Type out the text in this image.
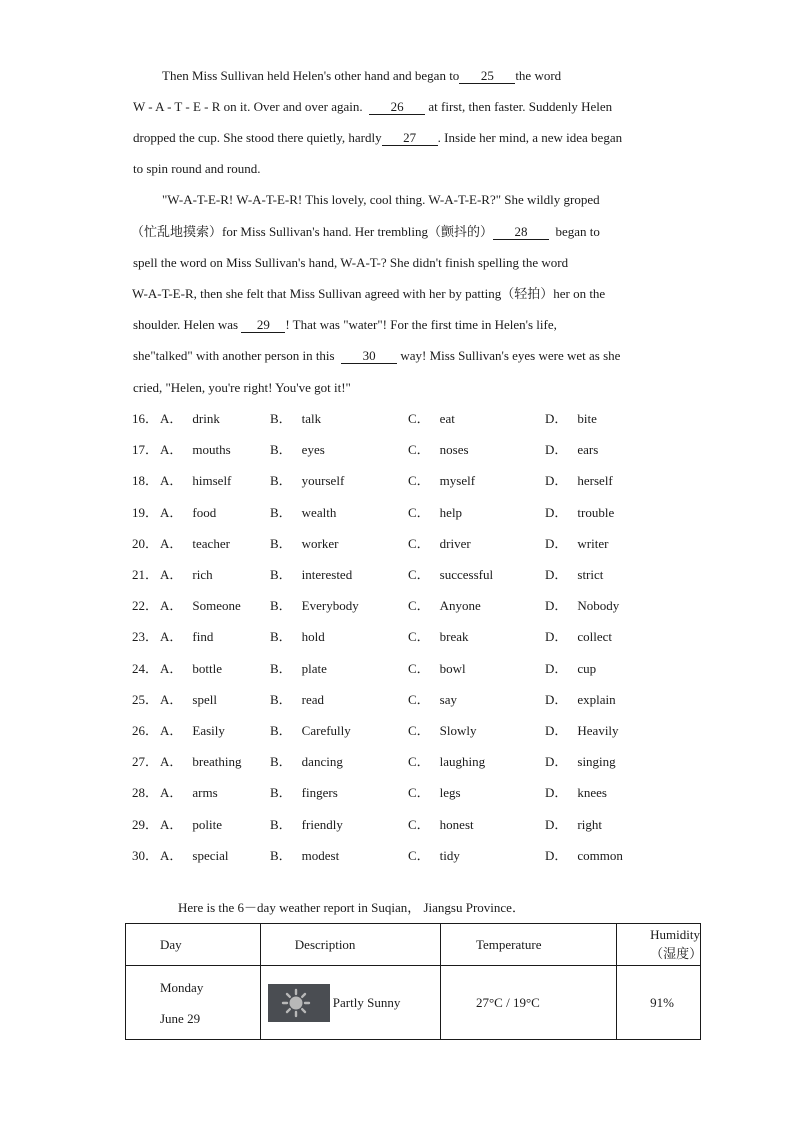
Then Miss Sullivan held Helen's other hand and began to 25 the word
W - A - T - E - R on it. Over and over again. 26 at first, then faster. Suddenly Helen
dropped the cup. She stood there quietly, hardly 27 . Inside her mind, a new idea began
to spin round and round.
"W-A-T-E-R! W-A-T-E-R! This lovely, cool thing. W-A-T-E-R?" She wildly groped
（忙乱地摸索）for Miss Sullivan's hand. Her trembling（颤抖的） 28 began to
spell the word on Miss Sullivan's hand, W-A-T-? She didn't finish spelling the word
W-A-T-E-R, then she felt that Miss Sullivan agreed with her by patting（轻拍）her on the
shoulder. Helen was 29 ! That was "water"! For the first time in Helen's life,
she"talked" with another person in this 30 way! Miss Sullivan's eyes were wet as she
cried, "Helen, you're right! You've got it!"
16． A． drink	B． talk	C． eat	D． bite
17． A． mouths	B． eyes	C． noses	D． ears
18． A． himself	B． yourself	C． myself	D． herself
19． A． food	B． wealth	C． help	D． trouble
20． A． teacher	B． worker	C． driver	D． writer
21． A． rich	B． interested	C． successful	D． strict
22． A． Someone B． Everybody	C． Anyone	D． Nobody
23． A． find	B． hold	C． break	D． collect
24． A． bottle	B． plate	C． bowl	D． cup
25． A． spell	B． read	C． say	D． explain
26． A． Easily	B． Carefully	C． Slowly	D． Heavily
27． A． breathing B． dancing	C． laughing	D． singing
28． A． arms	B． fingers	C． legs	D． knees
29． A． polite	B． friendly	C． honest	D． right
30． A． special	B． modest	C． tidy	D． common
Here is the 6－day weather report in Suqian， Jiangsu Province．
Day	Description	Temperature	Humidity（湿度）

Monday
June 29	Partly Sunny	27°C / 19°C	91%
